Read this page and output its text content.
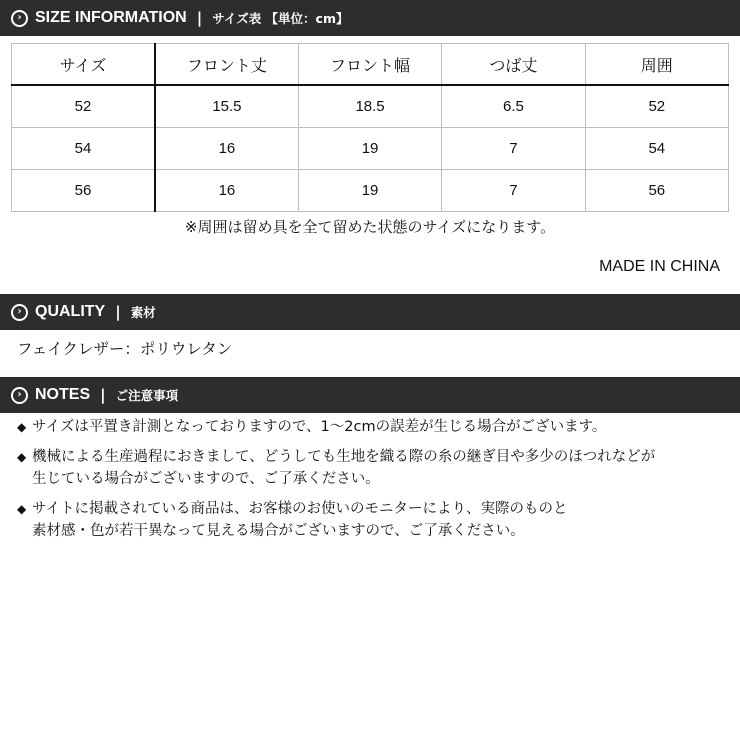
› SIZE INFORMATION | サイズ表 【単位：cm】
サイズ	フロント丈	フロント幅	つば丈	周囲
52	15.5	18.5	6.5	52
54	16	19	7	54
56	16	19	7	56
※周囲は留め具を全て留めた状態のサイズになります。
MADE IN CHINA
› QUALITY | 素材
フェイクレザー：ポリウレタン
› NOTES | ご注意事項
◆ サイズは平置き計測となっておりますので、1～2cmの誤差が生じる場合がございます。
◆ 機械による生産過程におきまして、どうしても生地を織る際の糸の継ぎ目や多少のほつれなどが
生じている場合がございますので、ご了承ください。
◆ サイトに掲載されている商品は、お客様のお使いのモニターにより、実際のものと
素材感・色が若干異なって見える場合がございますので、ご了承ください。
